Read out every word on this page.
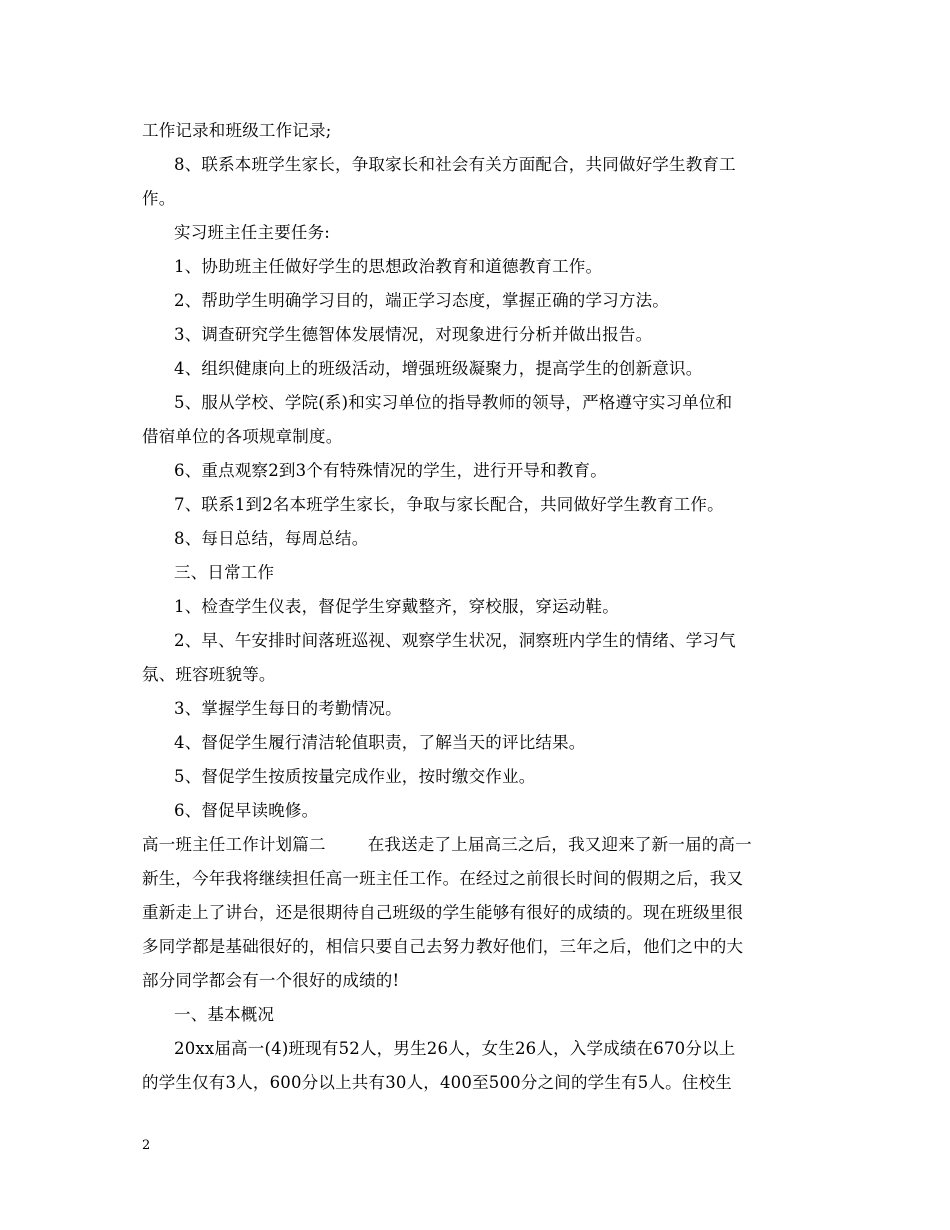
工作记录和班级工作记录;
8、联系本班学生家长，争取家长和社会有关方面配合，共同做好学生教育工
作。
实习班主任主要任务:
1、协助班主任做好学生的思想政治教育和道德教育工作。
2、帮助学生明确学习目的，端正学习态度，掌握正确的学习方法。
3、调查研究学生德智体发展情况，对现象进行分析并做出报告。
4、组织健康向上的班级活动，增强班级凝聚力，提高学生的创新意识。
5、服从学校、学院(系)和实习单位的指导教师的领导，严格遵守实习单位和
借宿单位的各项规章制度。
6、重点观察2到3个有特殊情况的学生，进行开导和教育。
7、联系1到2名本班学生家长，争取与家长配合，共同做好学生教育工作。
8、每日总结，每周总结。
三、日常工作
1、检查学生仪表，督促学生穿戴整齐，穿校服，穿运动鞋。
2、早、午安排时间落班巡视、观察学生状况，洞察班内学生的情绪、学习气
氛、班容班貌等。
3、掌握学生每日的考勤情况。
4、督促学生履行清洁轮值职责，了解当天的评比结果。
5、督促学生按质按量完成作业，按时缴交作业。
6、督促早读晚修。
高一班主任工作计划篇二	在我送走了上届高三之后，我又迎来了新一届的高一
新生，今年我将继续担任高一班主任工作。在经过之前很长时间的假期之后，我又
重新走上了讲台，还是很期待自己班级的学生能够有很好的成绩的。现在班级里很
多同学都是基础很好的，相信只要自己去努力教好他们，三年之后，他们之中的大
部分同学都会有一个很好的成绩的!
一、基本概况
20xx届高一(4)班现有52人，男生26人，女生26人，入学成绩在670分以上
的学生仅有3人，600分以上共有30人，400至500分之间的学生有5人。住校生
2
